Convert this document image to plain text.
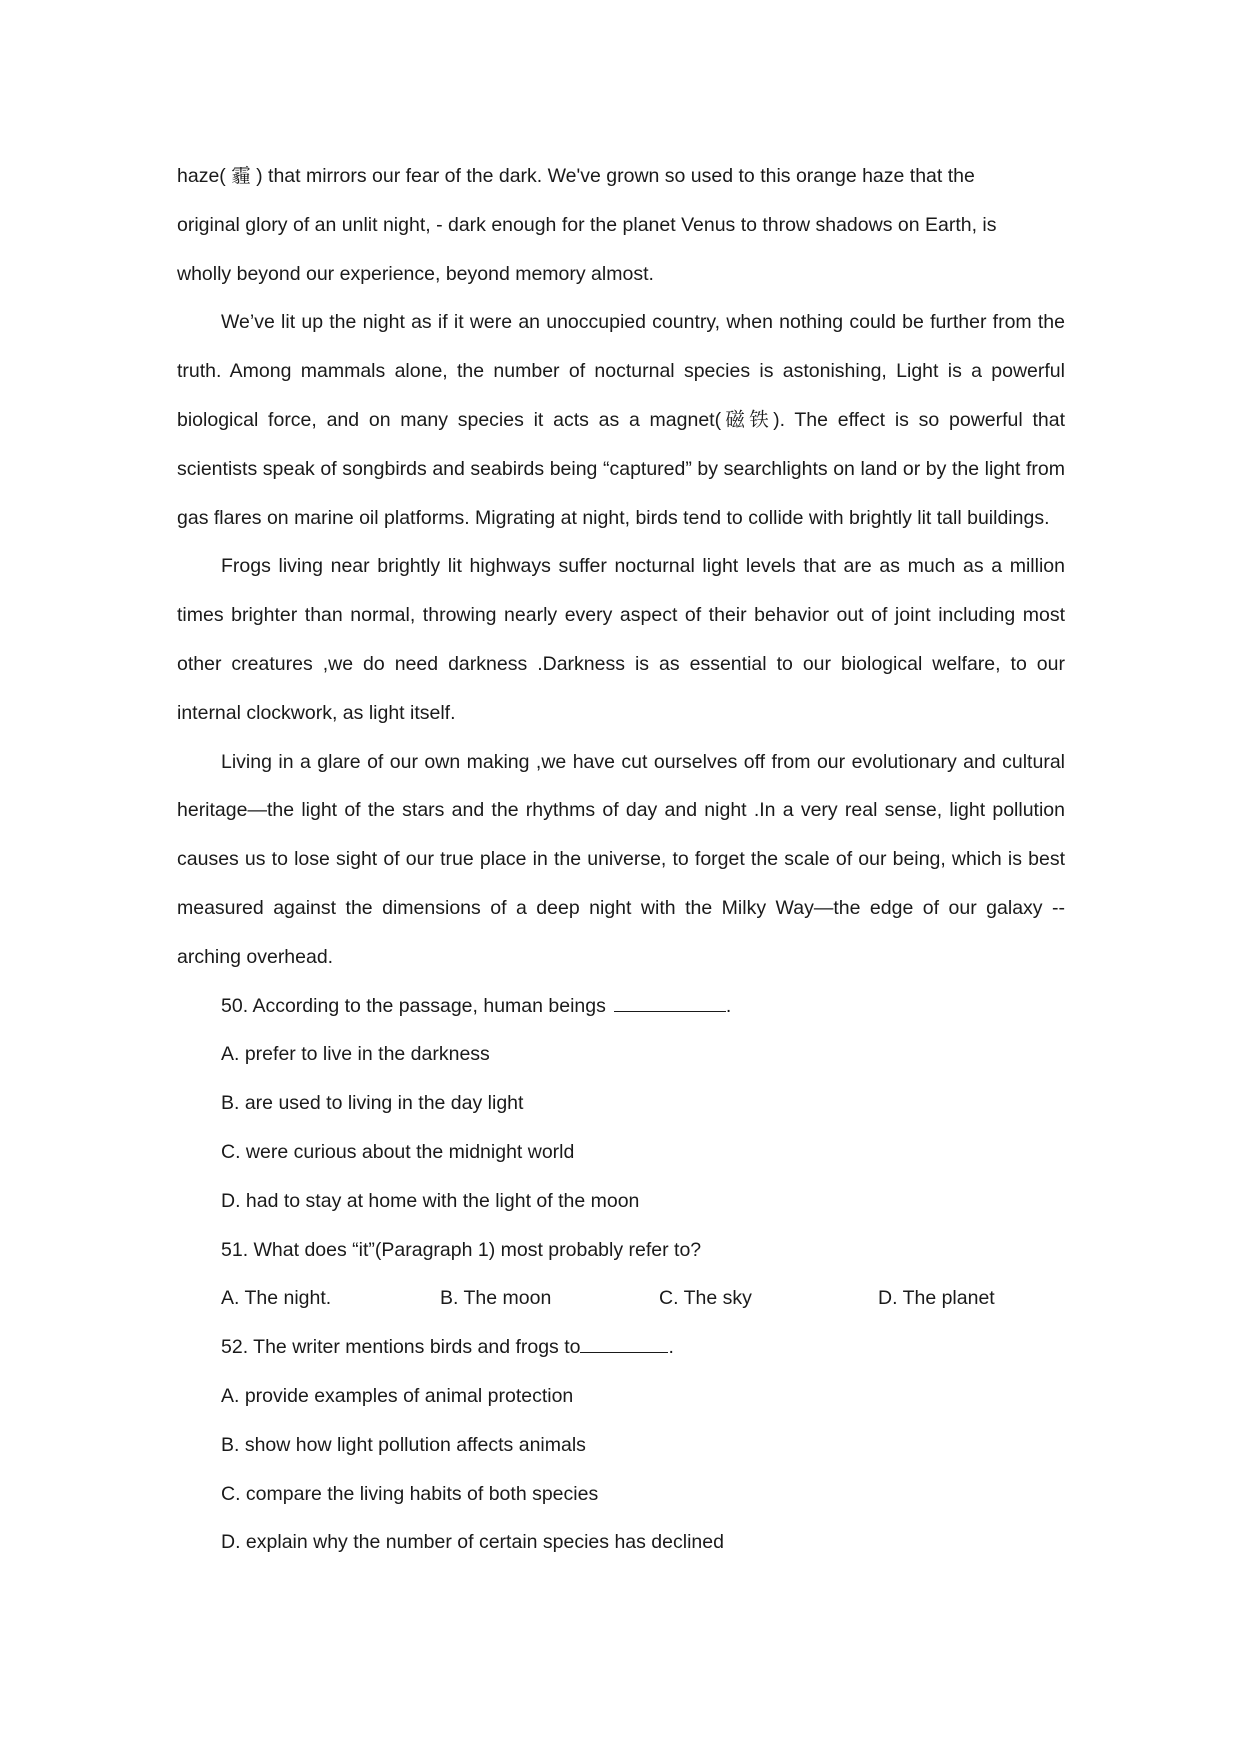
haze( 霾 ) that mirrors our fear of the dark. We've grown so used to this orange haze that the
original glory of an unlit night, - dark enough for the planet Venus to throw shadows on Earth, is
wholly beyond our experience, beyond memory almost.

We’ve lit up the night as if it were an unoccupied country, when nothing could be further from the truth. Among mammals alone, the number of nocturnal species is astonishing, Light is a powerful biological force, and on many species it acts as a magnet(磁铁). The effect is so powerful that scientists speak of songbirds and seabirds being “captured” by searchlights on land or by the light from gas flares on marine oil platforms. Migrating at night, birds tend to collide with brightly lit tall buildings.

Frogs living near brightly lit highways suffer nocturnal light levels that are as much as a million times brighter than normal, throwing nearly every aspect of their behavior out of joint including most other creatures ,we do need darkness .Darkness is as essential to our biological welfare, to our internal clockwork, as light itself.

Living in a glare of our own making ,we have cut ourselves off from our evolutionary and cultural heritage—the light of the stars and the rhythms of day and night .In a very real sense, light pollution causes us to lose sight of our true place in the universe, to forget the scale of our being, which is best measured against the dimensions of a deep night with the Milky Way—the edge of our galaxy -- arching overhead.

50. According to the passage, human beings	.

A. prefer to live in the darkness

B. are used to living in the day light

C. were curious about the midnight world

D. had to stay at home with the light of the moon

51. What does “it”(Paragraph 1) most probably refer to?

A. The night.	B. The moon	C. The sky	D. The planet

52. The writer mentions birds and frogs to	.

A. provide examples of animal protection

B. show how light pollution affects animals

C. compare the living habits of both species

D. explain why the number of certain species has declined
